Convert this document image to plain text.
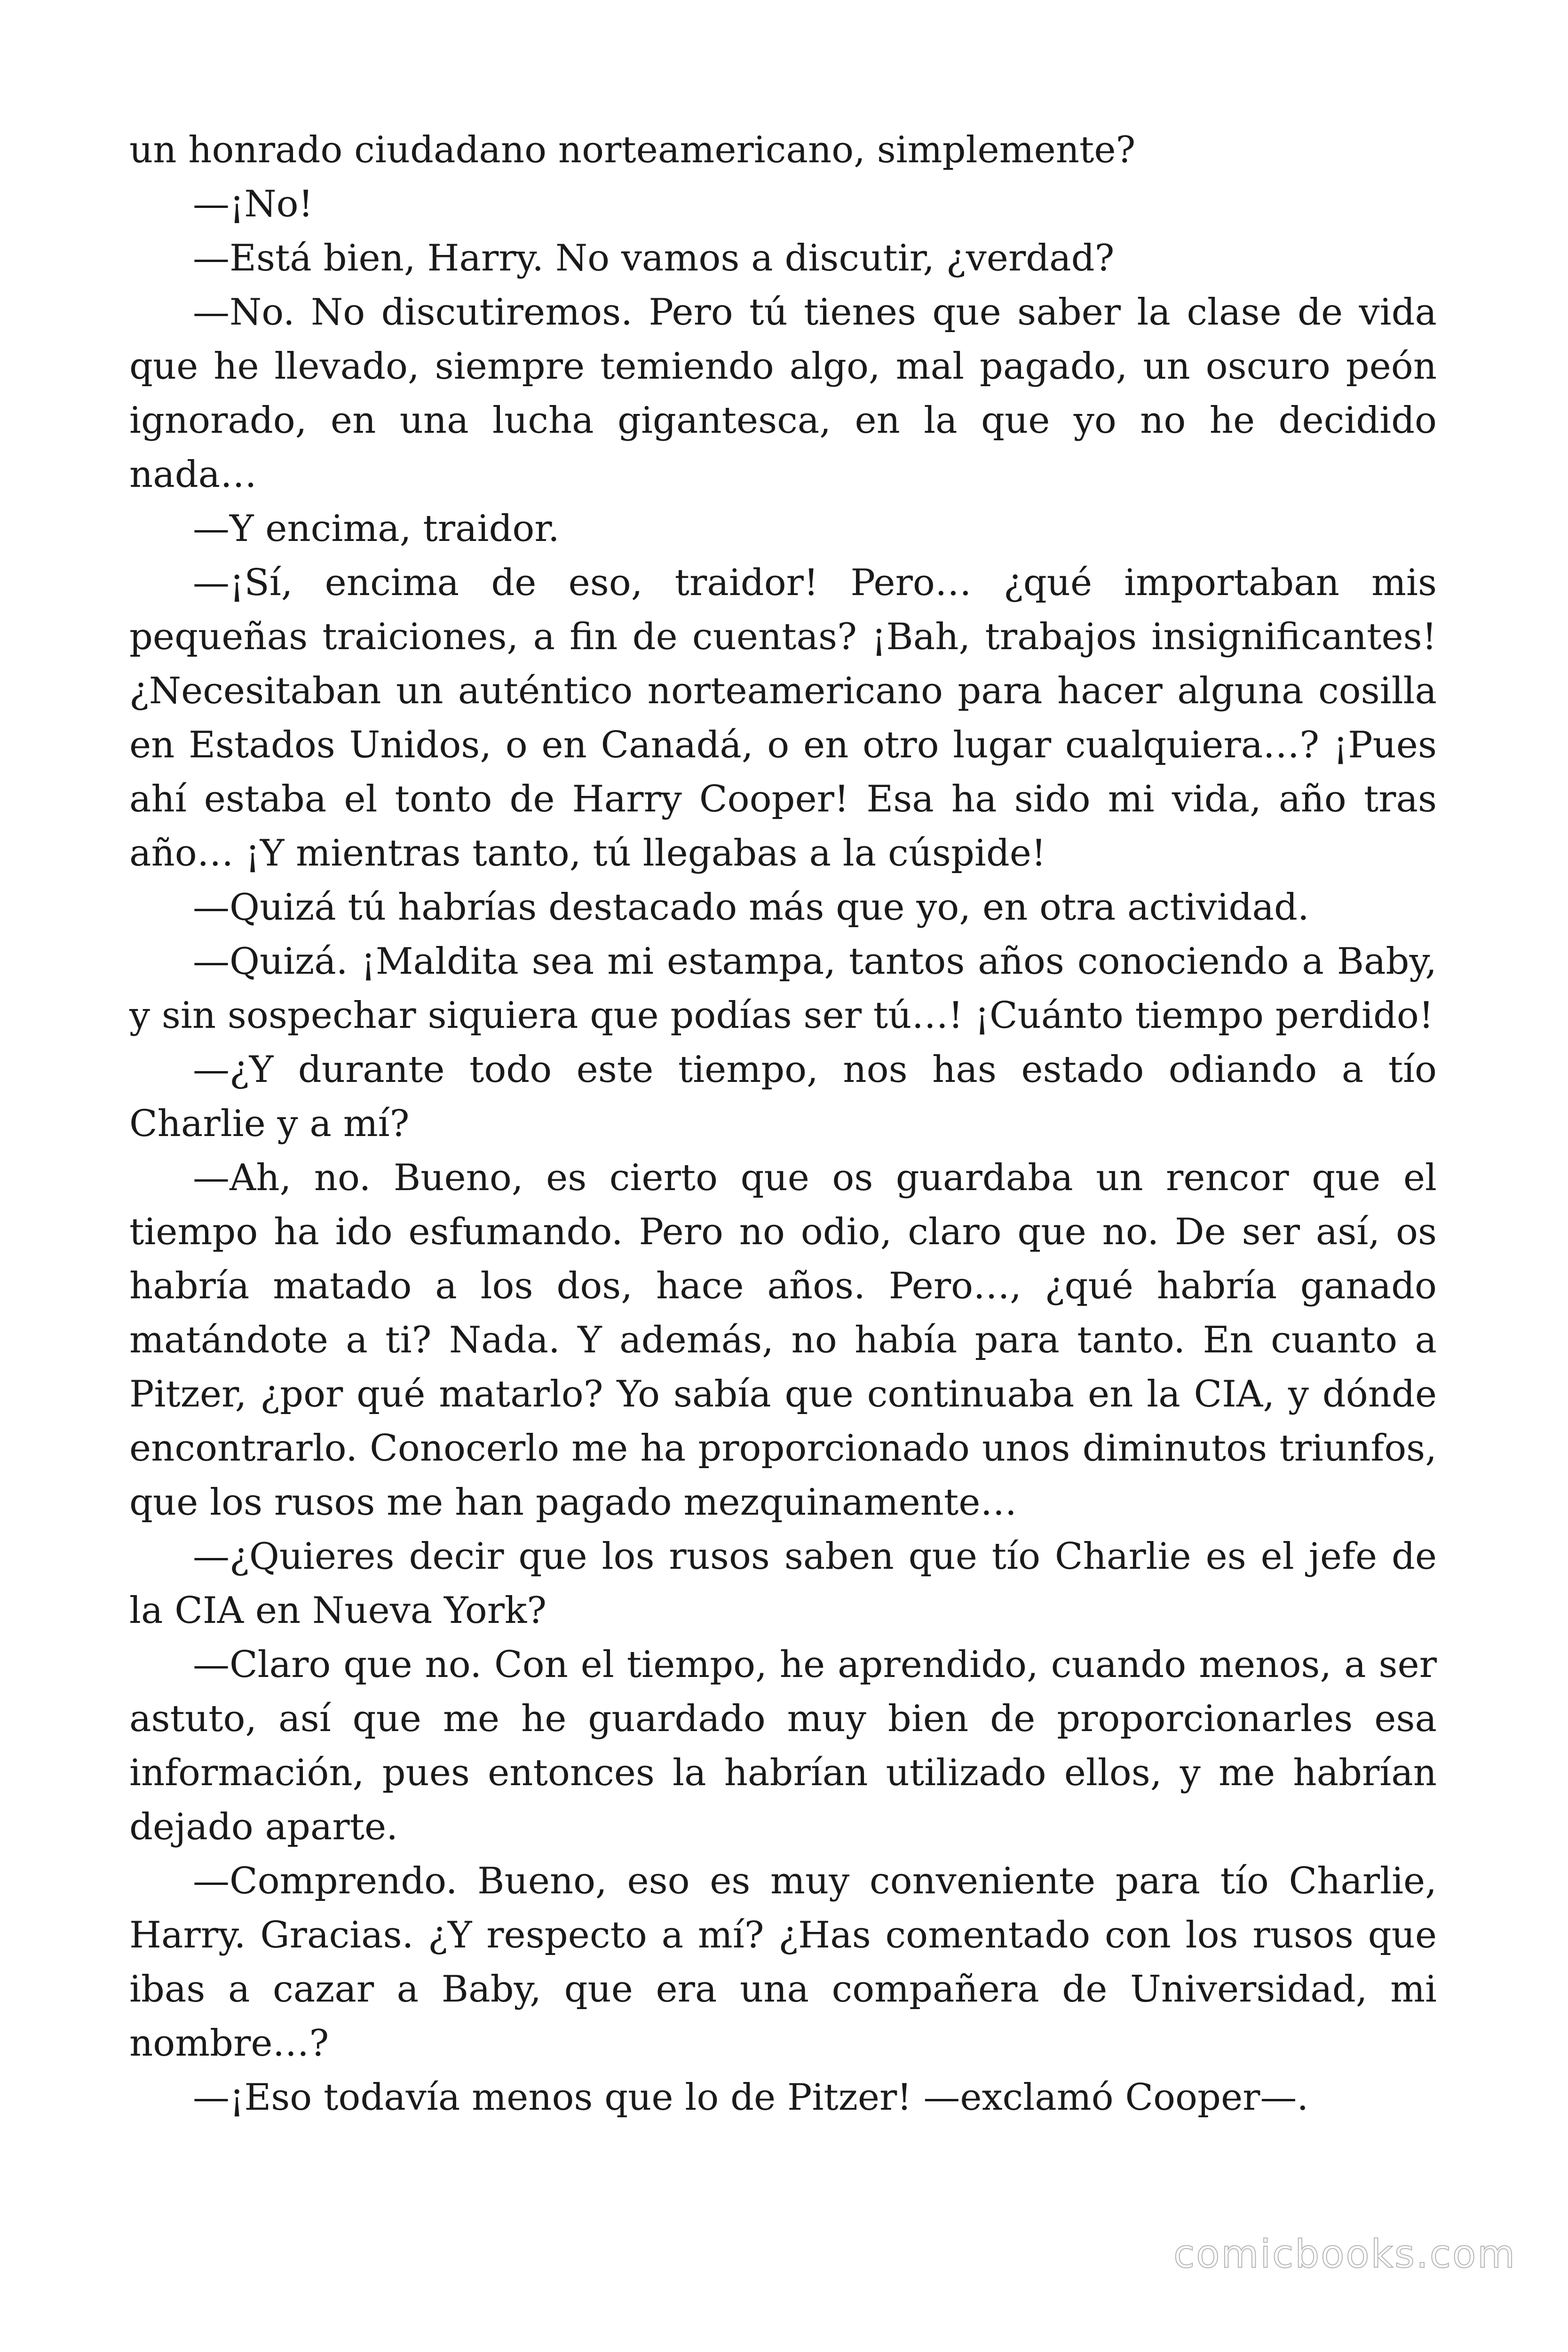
un honrado ciudadano norteamericano, simplemente?

—¡No!

—Está bien, Harry. No vamos a discutir, ¿verdad?

—No. No discutiremos. Pero tú tienes que saber la clase de vida que he llevado, siempre temiendo algo, mal pagado, un oscuro peón ignorado, en una lucha gigantesca, en la que yo no he decidido nada…

—Y encima, traidor.

—¡Sí, encima de eso, traidor! Pero… ¿qué importaban mis pequeñas traiciones, a fin de cuentas? ¡Bah, trabajos insignificantes! ¿Necesitaban un auténtico norteamericano para hacer alguna cosilla en Estados Unidos, o en Canadá, o en otro lugar cualquiera…? ¡Pues ahí estaba el tonto de Harry Cooper! Esa ha sido mi vida, año tras año… ¡Y mientras tanto, tú llegabas a la cúspide!

—Quizá tú habrías destacado más que yo, en otra actividad.

—Quizá. ¡Maldita sea mi estampa, tantos años conociendo a Baby, y sin sospechar siquiera que podías ser tú…! ¡Cuánto tiempo perdido!

—¿Y durante todo este tiempo, nos has estado odiando a tío Charlie y a mí?

—Ah, no. Bueno, es cierto que os guardaba un rencor que el tiempo ha ido esfumando. Pero no odio, claro que no. De ser así, os habría matado a los dos, hace años. Pero…, ¿qué habría ganado matándote a ti? Nada. Y además, no había para tanto. En cuanto a Pitzer, ¿por qué matarlo? Yo sabía que continuaba en la CIA, y dónde encontrarlo. Conocerlo me ha proporcionado unos diminutos triunfos, que los rusos me han pagado mezquinamente…

—¿Quieres decir que los rusos saben que tío Charlie es el jefe de la CIA en Nueva York?

—Claro que no. Con el tiempo, he aprendido, cuando menos, a ser astuto, así que me he guardado muy bien de proporcionarles esa información, pues entonces la habrían utilizado ellos, y me habrían dejado aparte.

—Comprendo. Bueno, eso es muy conveniente para tío Charlie, Harry. Gracias. ¿Y respecto a mí? ¿Has comentado con los rusos que ibas a cazar a Baby, que era una compañera de Universidad, mi nombre…?

—¡Eso todavía menos que lo de Pitzer! —exclamó Cooper—.

comicbooks.com
